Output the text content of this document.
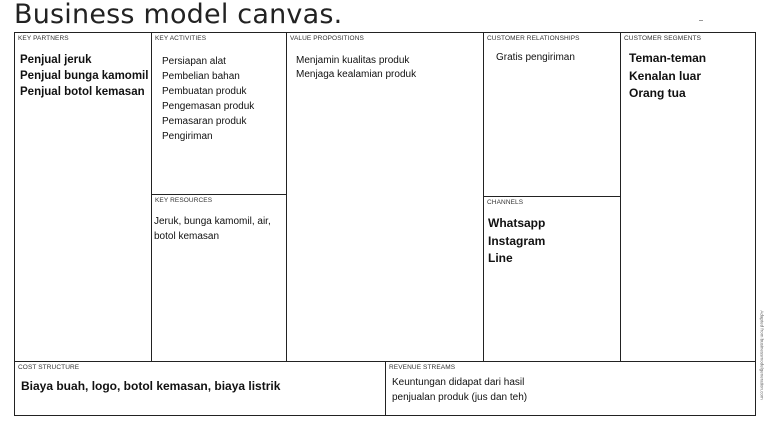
Business model canvas.
KEY PARTNERS
Penjual jeruk
Penjual bunga kamomil
Penjual botol kemasan
KEY ACTIVITIES
Persiapan alat
Pembelian bahan
Pembuatan produk
Pengemasan produk
Pemasaran produk
Pengiriman
KEY RESOURCES
Jeruk, bunga kamomil, air,
botol kemasan
VALUE PROPOSITIONS
Menjamin kualitas produk
Menjaga kealamian produk
CUSTOMER RELATIONSHIPS
Gratis pengiriman
CHANNELS
Whatsapp
Instagram
Line
CUSTOMER SEGMENTS
Teman-teman
Kenalan luar
Orang tua
COST STRUCTURE
Biaya buah, logo, botol kemasan, biaya listrik
REVENUE STREAMS
Keuntungan didapat dari hasil
penjualan produk (jus dan teh)	Adapted from businessmodelgeneration.com
